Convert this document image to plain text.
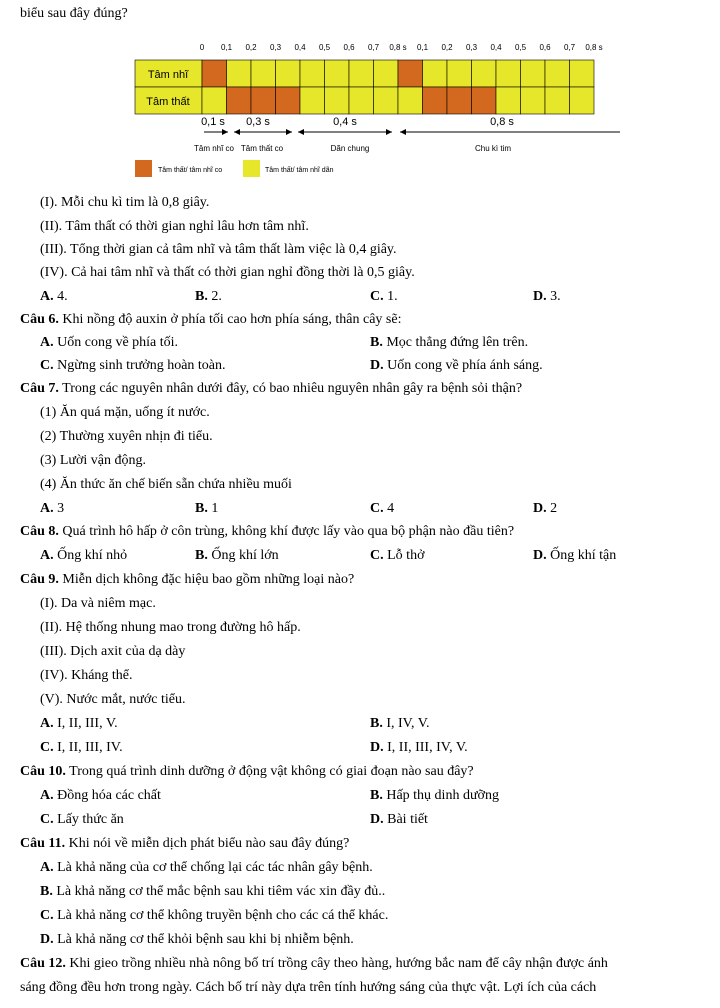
biểu sau đây đúng?
0 0,1 0,2 0,3 0,4 0,5 0,6 0,7 0,8 s 0,1 0,2 0,3 0,4 0,5 0,6 0,7 0,8 s
Tâm nhĩ
Tâm thất
0,1 s 0,3 s	0,4 s	0,8 s
Tâm nhĩ co Tâm thất co	Dãn chung	Chu kì tim
Tâm thất/ tâm nhĩ co	Tâm thất/ tâm nhĩ dãn
(I). Mỗi chu kì tim là 0,8 giây.
(II). Tâm thất có thời gian nghỉ lâu hơn tâm nhĩ.
(III). Tổng thời gian cả tâm nhĩ và tâm thất làm việc là 0,4 giây.
(IV). Cả hai tâm nhĩ và thất có thời gian nghỉ đồng thời là 0,5 giây.
A. 4.	B. 2.	C. 1.	D. 3.
Câu 6. Khi nồng độ auxin ở phía tối cao hơn phía sáng, thân cây sẽ:
A. Uốn cong về phía tối.	B. Mọc thẳng đứng lên trên.
C. Ngừng sinh trưởng hoàn toàn.	D. Uốn cong về phía ánh sáng.
Câu 7. Trong các nguyên nhân dưới đây, có bao nhiêu nguyên nhân gây ra bệnh sỏi thận?
(1) Ăn quá mặn, uống ít nước.
(2) Thường xuyên nhịn đi tiểu.
(3) Lười vận động.
(4) Ăn thức ăn chế biến sẵn chứa nhiều muối
A. 3	B. 1	C. 4	D. 2
Câu 8. Quá trình hô hấp ở côn trùng, không khí được lấy vào qua bộ phận nào đầu tiên?
A. Ống khí nhỏ	B. Ống khí lớn	C. Lỗ thở	D. Ống khí tận
Câu 9. Miễn dịch không đặc hiệu bao gồm những loại nào?
(I). Da và niêm mạc.
(II). Hệ thống nhung mao trong đường hô hấp.
(III). Dịch axit của dạ dày
(IV). Kháng thể.
(V). Nước mắt, nước tiểu.
A. I, II, III, V.	B. I, IV, V.
C. I, II, III, IV.	D. I, II, III, IV, V.
Câu 10. Trong quá trình dinh dưỡng ở động vật không có giai đoạn nào sau đây?
A. Đồng hóa các chất	B. Hấp thụ dinh dưỡng
C. Lấy thức ăn	D. Bài tiết
Câu 11. Khi nói về miễn dịch phát biểu nào sau đây đúng?
A. Là khả năng của cơ thể chống lại các tác nhân gây bệnh.
B. Là khả năng cơ thể mắc bệnh sau khi tiêm vác xin đầy đủ..
C. Là khả năng cơ thể không truyền bệnh cho các cá thể khác.
D. Là khả năng cơ thể khỏi bệnh sau khi bị nhiễm bệnh.
Câu 12. Khi gieo trồng nhiều nhà nông bố trí trồng cây theo hàng, hướng bắc nam để cây nhận được ánh
sáng đồng đều hơn trong ngày. Cách bố trí này dựa trên tính hướng sáng của thực vật. Lợi ích của cách
